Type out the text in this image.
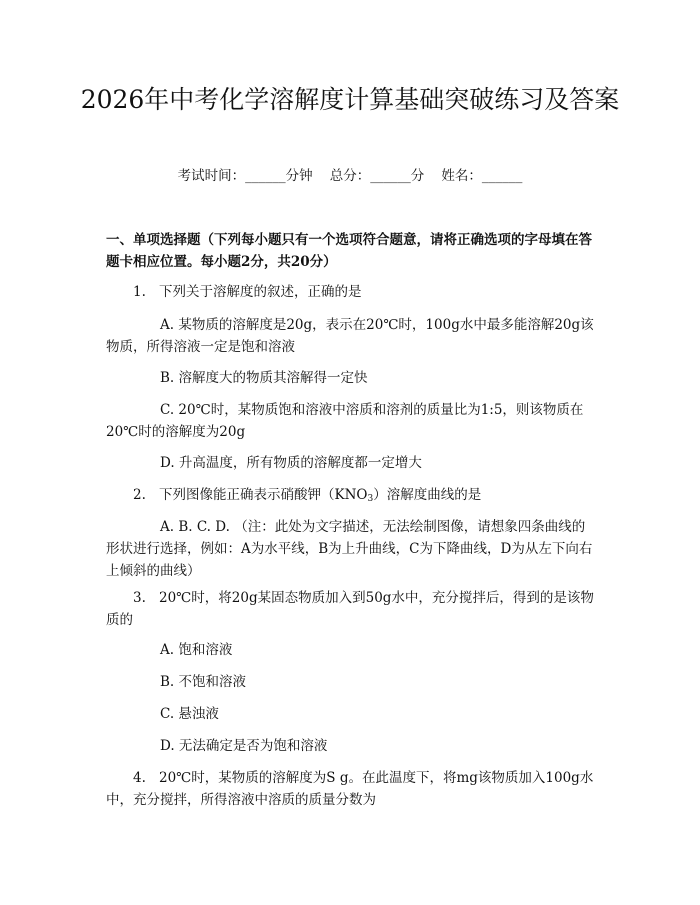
2026年中考化学溶解度计算基础突破练习及答案
考试时间：______分钟    总分：______分    姓名：______
一、单项选择题（下列每小题只有一个选项符合题意，请将正确选项的字母填在答题卡相应位置。每小题2分，共20分）
1. 下列关于溶解度的叙述，正确的是
A. 某物质的溶解度是20g，表示在20℃时，100g水中最多能溶解20g该物质，所得溶液一定是饱和溶液
B. 溶解度大的物质其溶解得一定快
C. 20℃时，某物质饱和溶液中溶质和溶剂的质量比为1:5，则该物质在20℃时的溶解度为20g
D. 升高温度，所有物质的溶解度都一定增大
2. 下列图像能正确表示硝酸钾$(KNO_3)$溶解度曲线的是
A. B. C. D. （注：此处为文字描述，无法绘制图像，请想象四条曲线的形状进行选择，例如：A为水平线，B为上升曲线，C为下降曲线，D为从左下向右上倾斜的曲线）
3. 20℃时，将20g某固态物质加入到50g水中，充分搅拌后，得到的是该物质的
A. 饱和溶液
B. 不饱和溶液
C. 悬浊液
D. 无法确定是否为饱和溶液
4. 20℃时，某物质的溶解度为S g。在此温度下，将mg该物质加入100g水中，充分搅拌，所得溶液中溶质的质量分数为
